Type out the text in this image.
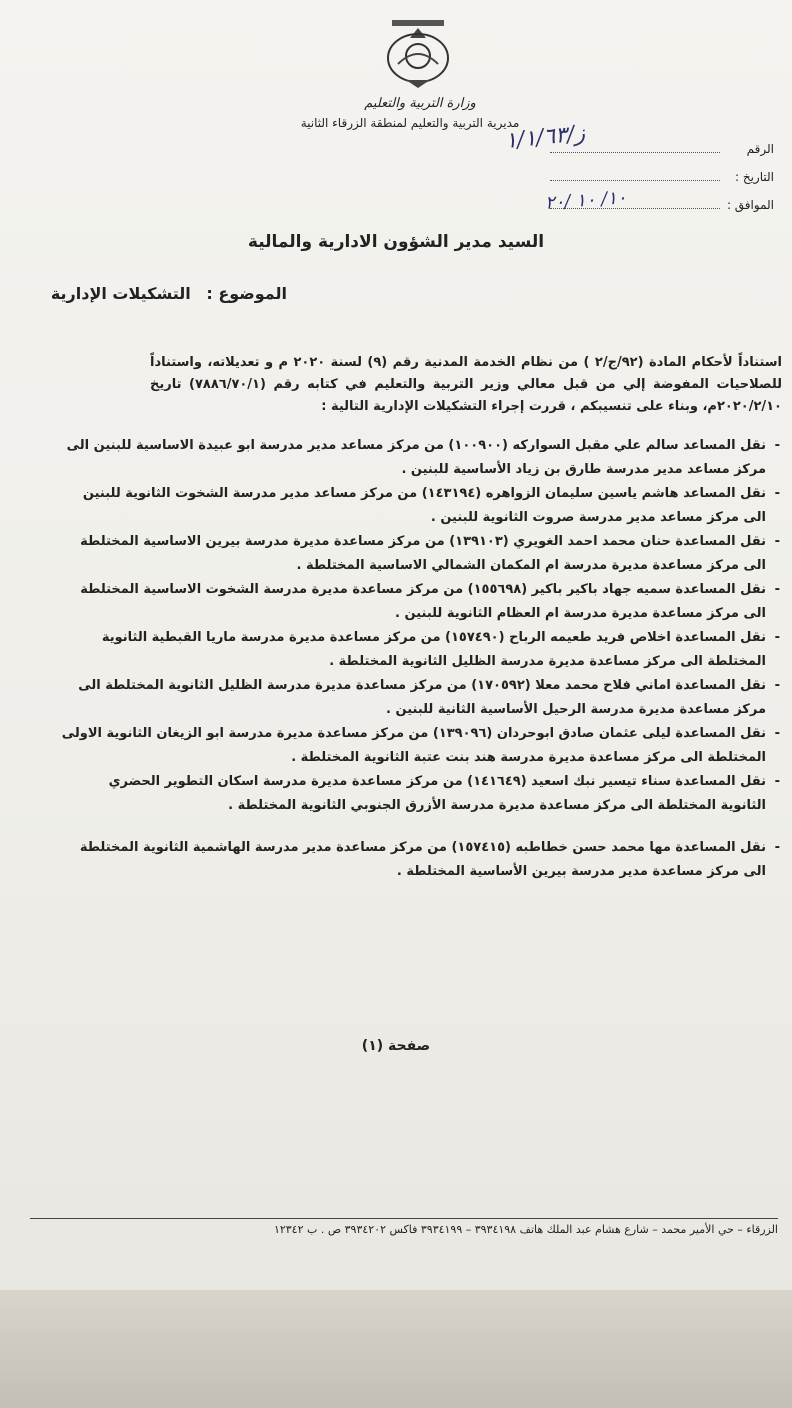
وزارة التربية والتعليم
مديرية التربية والتعليم لمنطقة الزرقاء الثانية
الرقم
ز/١/١/٦٣
التاريخ :
الموافق :
١٠/ ١٠ /٢٠
السيد مدير الشؤون الادارية والمالية
الموضوع : التشكيلات الإدارية
استناداً لأحكام المادة (٩٢/ج/٢ ) من نظام الخدمة المدنية رقم (٩) لسنة ٢٠٢٠ م و تعديلاته، واستناداً للصلاحيات المفوضة إلي من قبل معالي وزير التربية والتعليم في كتابه رقم (٧٨٨٦/٧٠/١) تاريخ ٢٠٢٠/٢/١٠م، وبناء على تنسيبكم ، قررت إجراء التشكيلات الإدارية التالية :
- نقل المساعد سالم علي مقبل السوارکه (١٠٠٩٠٠) من مركز مساعد مدير مدرسة ابو عبيدة الاساسية للبنين الى مركز مساعد مدير مدرسة طارق بن زياد الأساسية للبنين .
- نقل المساعد هاشم ياسين سليمان الزواهره (١٤٣١٩٤) من مركز مساعد مدير مدرسة الشخوت الثانوية للبنين الى مركز مساعد مدير مدرسة صروت الثانوية للبنين .
- نقل المساعدة حنان محمد احمد الغويري (١٣٩١٠٣) من مركز مساعدة مديرة مدرسة بيرين الاساسية المختلطة الى مركز مساعدة مديرة مدرسة ام المكمان الشمالي الاساسية المختلطة .
- نقل المساعدة سميه جهاد باكير باكير (١٥٥٦٩٨) من مركز مساعدة مديرة مدرسة الشخوت الاساسية المختلطة الى مركز مساعدة مديرة مدرسة ام العظام الثانوية للبنين .
- نقل المساعدة اخلاص فريد طعيمه الرباح (١٥٧٤٩٠) من مركز مساعدة مديرة مدرسة ماريا القبطية الثانوية المختلطة الى مركز مساعدة مديرة مدرسة الظليل الثانوية المختلطة .
- نقل المساعدة اماني فلاح محمد معلا (١٧٠٥٩٢) من مركز مساعدة مديرة مدرسة الظليل الثانوية المختلطة الى مركز مساعدة مديرة مدرسة الرحيل الأساسية الثانية للبنين .
- نقل المساعدة ليلى عثمان صادق ابوحردان (١٣٩٠٩٦) من مركز مساعدة مديرة مدرسة ابو الزيغان الثانوية الاولى المختلطة الى مركز مساعدة مديرة مدرسة هند بنت عتبة الثانوية المختلطة .
- نقل المساعدة سناء تيسير نبك اسعيد (١٤١٦٤٩) من مركز مساعدة مديرة مدرسة اسكان التطوير الحضري الثانوية المختلطة الى مركز مساعدة مديرة مدرسة الأزرق الجنوبي الثانوية المختلطة .
- نقل المساعدة مها محمد حسن خطاطبه (١٥٧٤١٥) من مركز مساعدة مدير مدرسة الهاشمية الثانوية المختلطة الى مركز مساعدة مدير مدرسة بيرين الأساسية المختلطة .
صفحة (١)
الزرقاء – حي الأمير محمد – شارع هشام عبد الملك هاتف ٣٩٣٤١٩٨ – ٣٩٣٤١٩٩ فاكس ٣٩٣٤٢٠٢ ص . ب ١٢٣٤٢
